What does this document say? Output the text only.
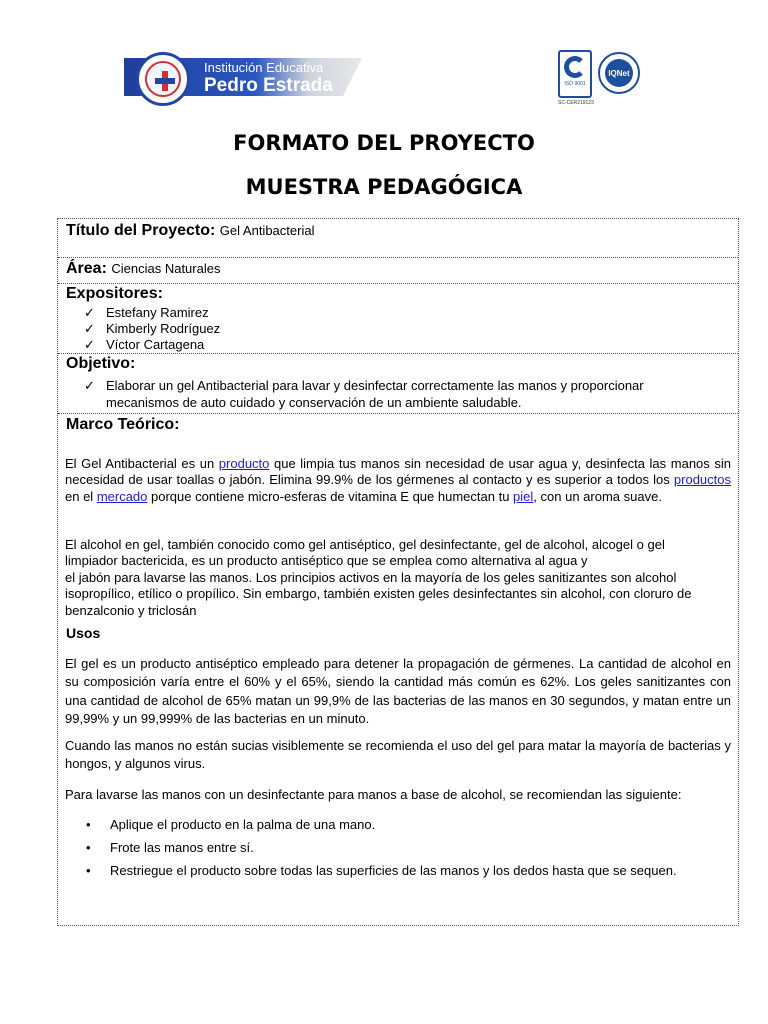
Institución Educativa
Pedro Estrada	ISO 9001
SC-CER219123
IQNet
FORMATO DEL PROYECTO
MUESTRA PEDAGÓGICA
Título del Proyecto: Gel Antibacterial
Área: Ciencias Naturales
Expositores:
✓ Estefany Ramirez
✓ Kimberly Rodríguez
✓ Víctor Cartagena
Objetivo:
✓ Elaborar un gel Antibacterial para lavar y desinfectar correctamente las manos y proporcionar
mecanismos de auto cuidado y conservación de un ambiente saludable.
Marco Teórico:

El Gel Antibacterial es un producto que limpia tus manos sin necesidad de usar agua y, desinfecta las manos sin necesidad de usar toallas o jabón. Elimina 99.9% de los gérmenes al contacto y es superior a todos los productos en el mercado porque contiene micro-esferas de vitamina E que humectan tu piel, con un aroma suave.

El alcohol en gel, también conocido como gel antiséptico, gel desinfectante, gel de alcohol, alcogel o gel
limpiador bactericida, es un producto antiséptico que se emplea como alternativa al agua y
el jabón para lavarse las manos. Los principios activos en la mayoría de los geles sanitizantes son alcohol
isopropílico, etílico o propílico. Sin embargo, también existen geles desinfectantes sin alcohol, con cloruro de
benzalconio y triclosán
Usos

El gel es un producto antiséptico empleado para detener la propagación de gérmenes. La cantidad de alcohol en su composición varía entre el 60% y el 65%, siendo la cantidad más común es 62%. Los geles sanitizantes con una cantidad de alcohol de 65% matan un 99,9% de las bacterias de las manos en 30 segundos, y matan entre un 99,99% y un 99,999% de las bacterias en un minuto.

Cuando las manos no están sucias visiblemente se recomienda el uso del gel para matar la mayoría de bacterias y hongos, y algunos virus.

Para lavarse las manos con un desinfectante para manos a base de alcohol, se recomiendan las siguiente:

• Aplique el producto en la palma de una mano.
• Frote las manos entre sí.
• Restriegue el producto sobre todas las superficies de las manos y los dedos hasta que se sequen.
